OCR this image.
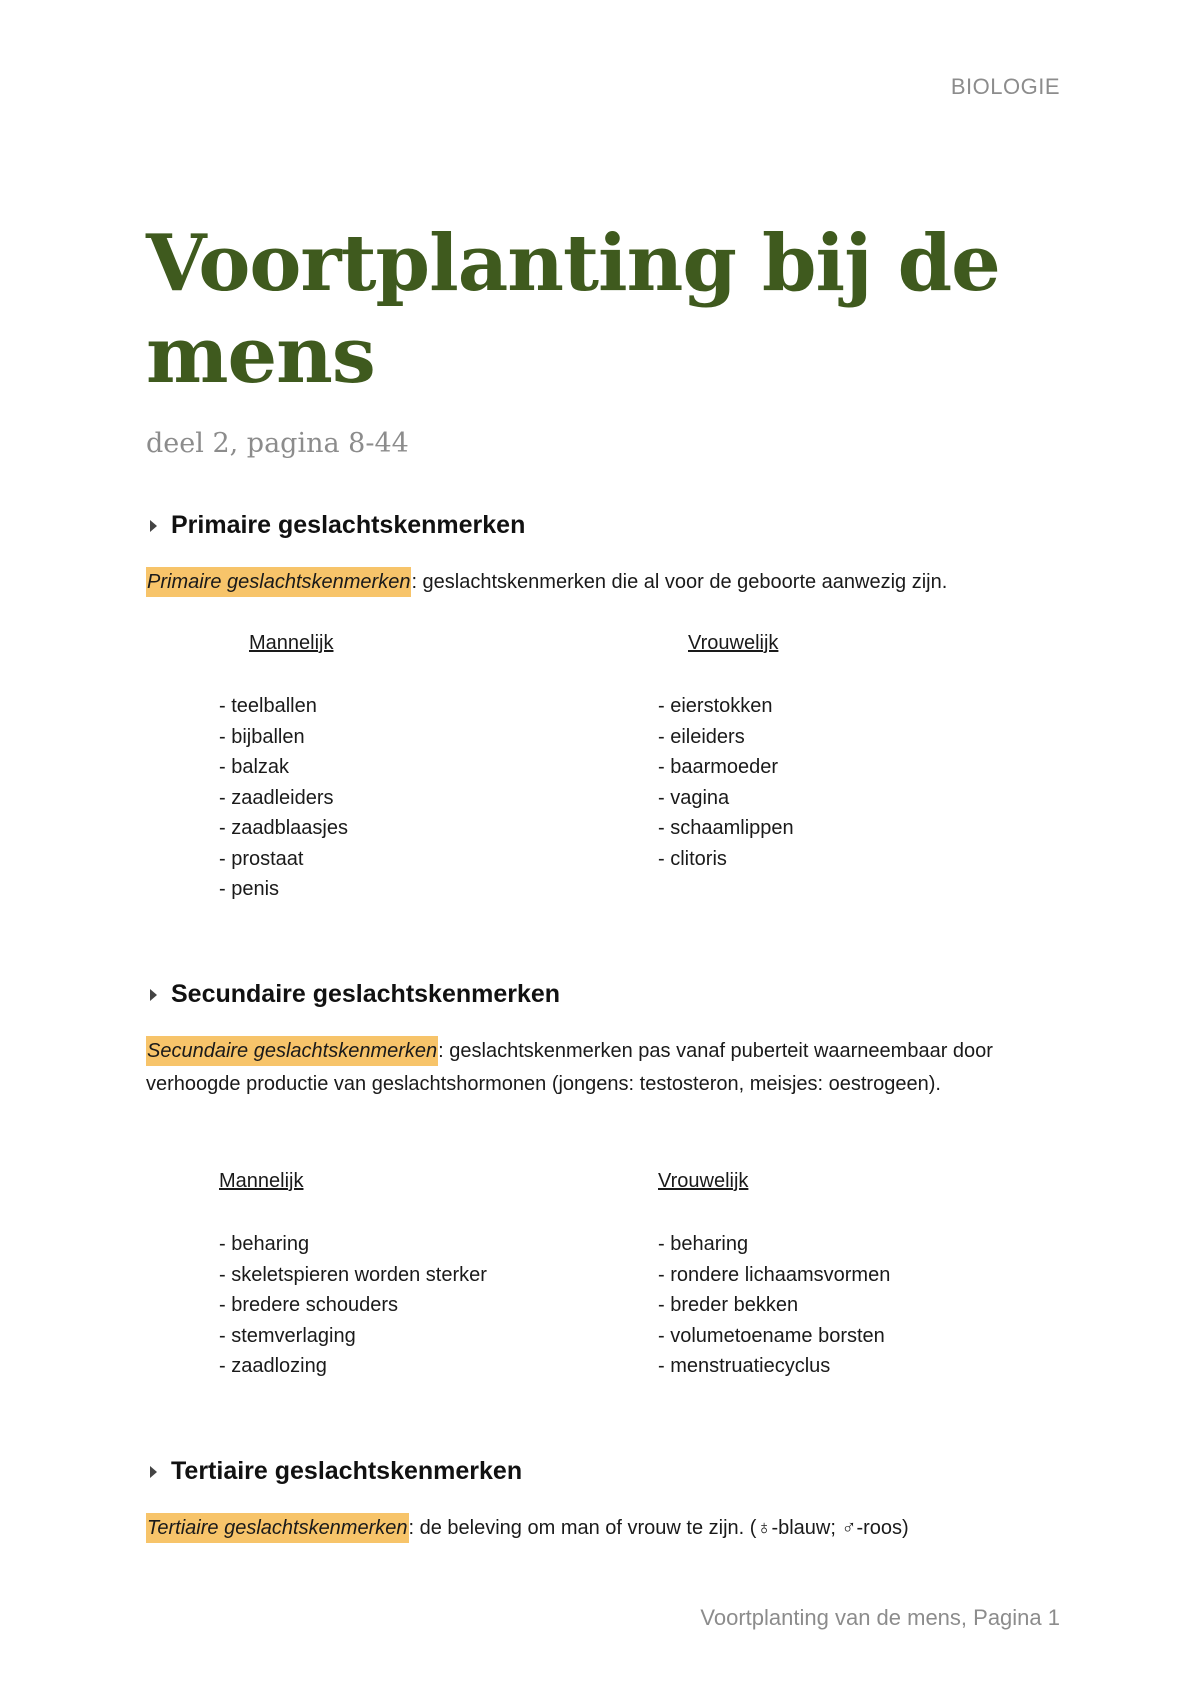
BIOLOGIE
Voortplanting bij de mens
deel 2, pagina 8-44
Primaire geslachtskenmerken
Primaire geslachtskenmerken: geslachtskenmerken die al voor de geboorte aanwezig zijn.
Mannelijk	Vrouwelijk
- teelballen
- bijballen
- balzak
- zaadleiders
- zaadblaasjes
- prostaat
- penis
- eierstokken
- eileiders
- baarmoeder
- vagina
- schaamlippen
- clitoris
Secundaire geslachtskenmerken
Secundaire geslachtskenmerken: geslachtskenmerken pas vanaf puberteit waarneembaar door verhoogde productie van geslachtshormonen (jongens: testosteron, meisjes: oestrogeen).
Mannelijk	Vrouwelijk
- beharing
- skeletspieren worden sterker
- bredere schouders
- stemverlaging
- zaadlozing
- beharing
- rondere lichaamsvormen
- breder bekken
- volumetoename borsten
- menstruatiecyclus
Tertiaire geslachtskenmerken
Tertiaire geslachtskenmerken: de beleving om man of vrouw te zijn. (♁-blauw; ♂-roos)
Voortplanting van de mens, Pagina 1
